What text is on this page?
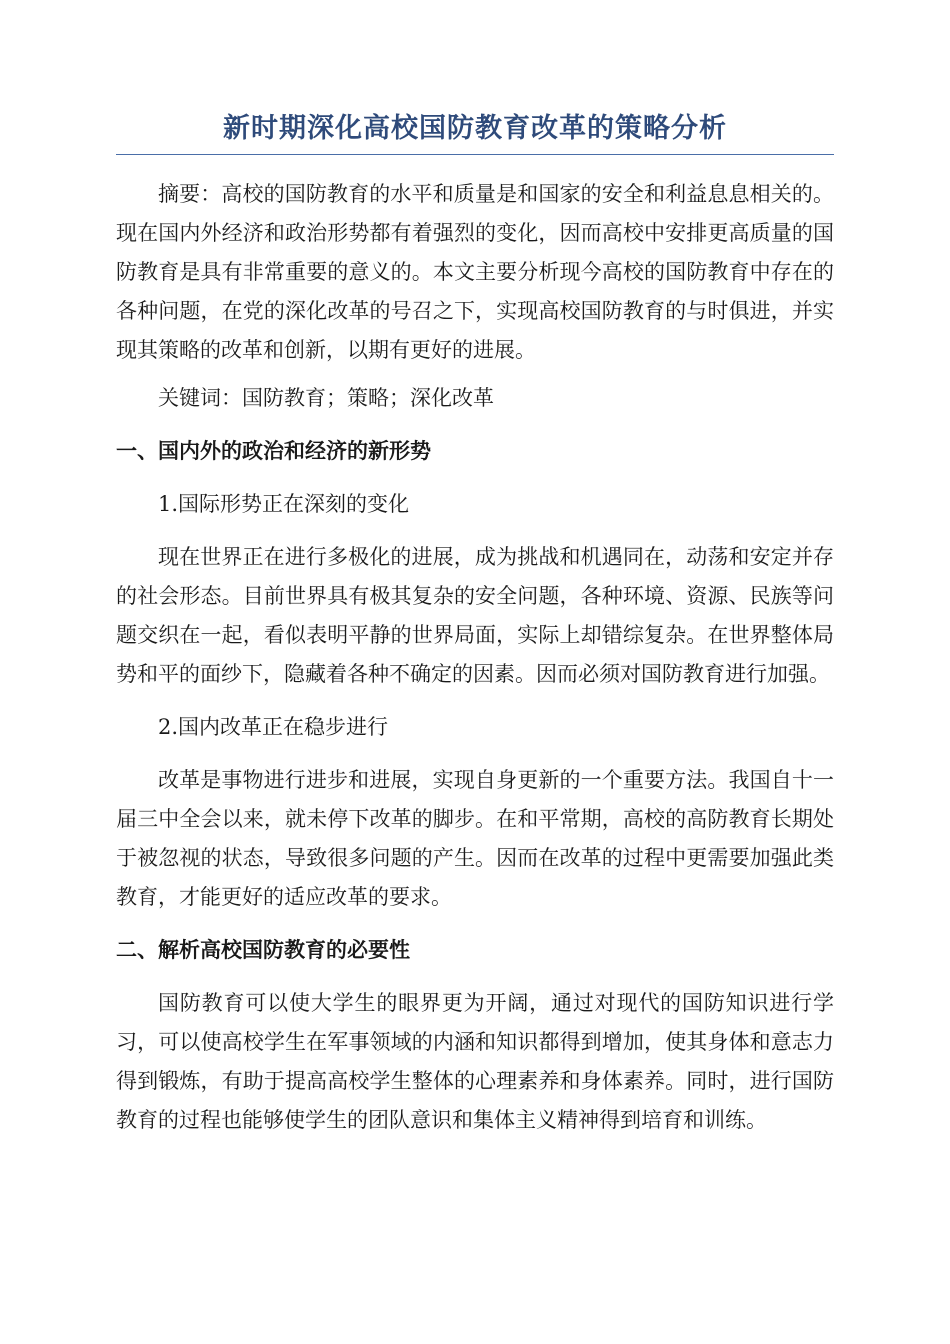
新时期深化高校国防教育改革的策略分析

摘要：高校的国防教育的水平和质量是和国家的安全和利益息息相关的。现在国内外经济和政治形势都有着强烈的变化，因而高校中安排更高质量的国防教育是具有非常重要的意义的。本文主要分析现今高校的国防教育中存在的各种问题，在党的深化改革的号召之下，实现高校国防教育的与时俱进，并实现其策略的改革和创新，以期有更好的进展。

关键词：国防教育；策略；深化改革

一、国内外的政治和经济的新形势

1.国际形势正在深刻的变化

现在世界正在进行多极化的进展，成为挑战和机遇同在，动荡和安定并存的社会形态。目前世界具有极其复杂的安全问题，各种环境、资源、民族等问题交织在一起，看似表明平静的世界局面，实际上却错综复杂。在世界整体局势和平的面纱下，隐藏着各种不确定的因素。因而必须对国防教育进行加强。

2.国内改革正在稳步进行

改革是事物进行进步和进展，实现自身更新的一个重要方法。我国自十一届三中全会以来，就未停下改革的脚步。在和平常期，高校的高防教育长期处于被忽视的状态，导致很多问题的产生。因而在改革的过程中更需要加强此类教育，才能更好的适应改革的要求。

二、解析高校国防教育的必要性

国防教育可以使大学生的眼界更为开阔，通过对现代的国防知识进行学习，可以使高校学生在军事领域的内涵和知识都得到增加，使其身体和意志力得到锻炼，有助于提高高校学生整体的心理素养和身体素养。同时，进行国防教育的过程也能够使学生的团队意识和集体主义精神得到培育和训练。
